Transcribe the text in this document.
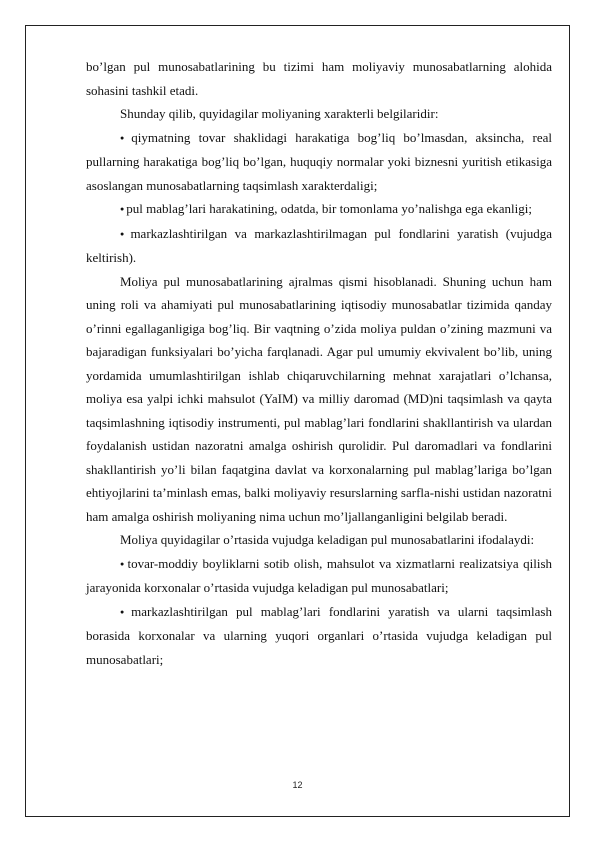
bo’lgan pul munosabatlarining bu tizimi ham moliyaviy munosabatlarning alohida sohasini tashkil etadi.

Shunday qilib, quyidagilar moliyaning xarakterli belgilaridir:

● qiymatning tovar shaklidagi harakatiga bog’liq bo’lmasdan, aksincha, real pullarning harakatiga bog’liq bo’lgan, huquqiy normalar yoki biznesni yuritish etikasiga asoslangan munosabatlarning taqsimlash xarakterdaligi;

● pul mablag’lari harakatining, odatda, bir tomonlama yo’nalishga ega ekanligi;

● markazlashtirilgan va markazlashtirilmagan pul fondlarini yaratish (vujudga keltirish).

Moliya pul munosabatlarining ajralmas qismi hisoblanadi. Shuning uchun ham uning roli va ahamiyati pul munosabatlarining iqtisodiy munosabatlar tizimida qanday o’rinni egallaganligiga bog’liq. Bir vaqtning o’zida moliya puldan o’zining mazmuni va bajaradigan funksiyalari bo’yicha farqlanadi. Agar pul umumiy ekvivalent bo’lib, uning yordamida umumlashtirilgan ishlab chiqaruvchilarning mehnat xarajatlari o’lchansa, moliya esa yalpi ichki mahsulot (YaIM) va milliy daromad (MD)ni taqsimlash va qayta taqsimlashning iqtisodiy instrumenti, pul mablag’lari fondlarini shakllantirish va ulardan foydalanish ustidan nazoratni amalga oshirish qurolidir. Pul daromadlari va fondlarini shakllantirish yo’li bilan faqatgina davlat va korxonalarning pul mablag’lariga bo’lgan ehtiyojlarini ta’minlash emas, balki moliyaviy resurslarning sarfla-nishi ustidan nazoratni ham amalga oshirish moliyaning nima uchun mo’ljallanganligini belgilab beradi.

Moliya quyidagilar o’rtasida vujudga keladigan pul munosabatlarini ifodalaydi:

● tovar-moddiy boyliklarni sotib olish, mahsulot va xizmatlarni realizatsiya qilish jarayonida korxonalar o’rtasida vujudga keladigan pul munosabatlari;

● markazlashtirilgan pul mablag’lari fondlarini yaratish va ularni taqsimlash borasida korxonalar va ularning yuqori organlari o’rtasida vujudga keladigan pul munosabatlari;

12
